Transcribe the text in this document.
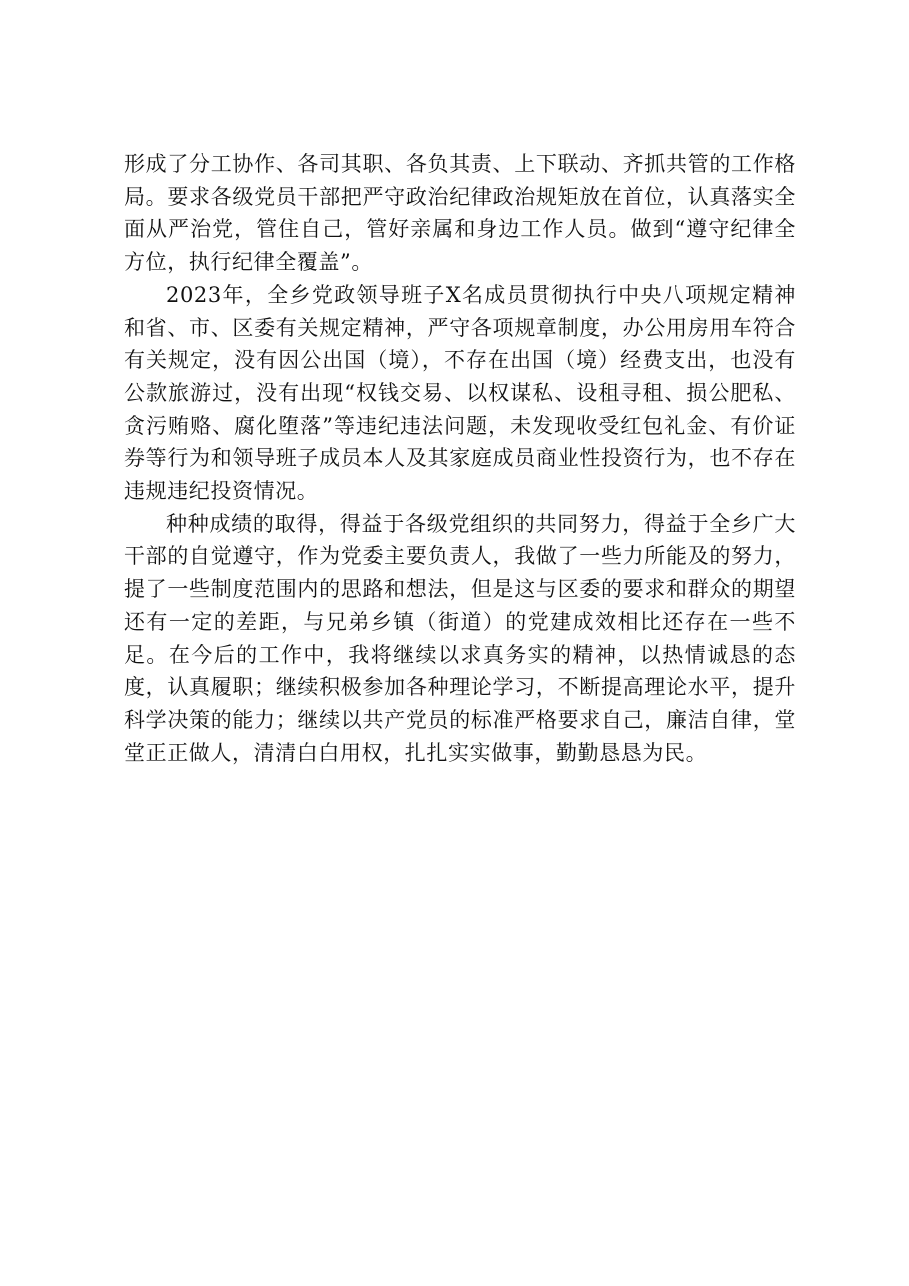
形成了分工协作、各司其职、各负其责、上下联动、齐抓共管的工作格局。要求各级党员干部把严守政治纪律政治规矩放在首位，认真落实全面从严治党，管住自己，管好亲属和身边工作人员。做到“遵守纪律全方位，执行纪律全覆盖”。

2023年，全乡党政领导班子X名成员贯彻执行中央八项规定精神和省、市、区委有关规定精神，严守各项规章制度，办公用房用车符合有关规定，没有因公出国（境），不存在出国（境）经费支出，也没有公款旅游过，没有出现“权钱交易、以权谋私、设租寻租、损公肥私、贪污贿赂、腐化堕落”等违纪违法问题，未发现收受红包礼金、有价证券等行为和领导班子成员本人及其家庭成员商业性投资行为，也不存在违规违纪投资情况。

种种成绩的取得，得益于各级党组织的共同努力，得益于全乡广大干部的自觉遵守，作为党委主要负责人，我做了一些力所能及的努力，提了一些制度范围内的思路和想法，但是这与区委的要求和群众的期望还有一定的差距，与兄弟乡镇（街道）的党建成效相比还存在一些不足。在今后的工作中，我将继续以求真务实的精神，以热情诚恳的态度，认真履职；继续积极参加各种理论学习，不断提高理论水平，提升科学决策的能力；继续以共产党员的标准严格要求自己，廉洁自律，堂堂正正做人，清清白白用权，扎扎实实做事，勤勤恳恳为民。
